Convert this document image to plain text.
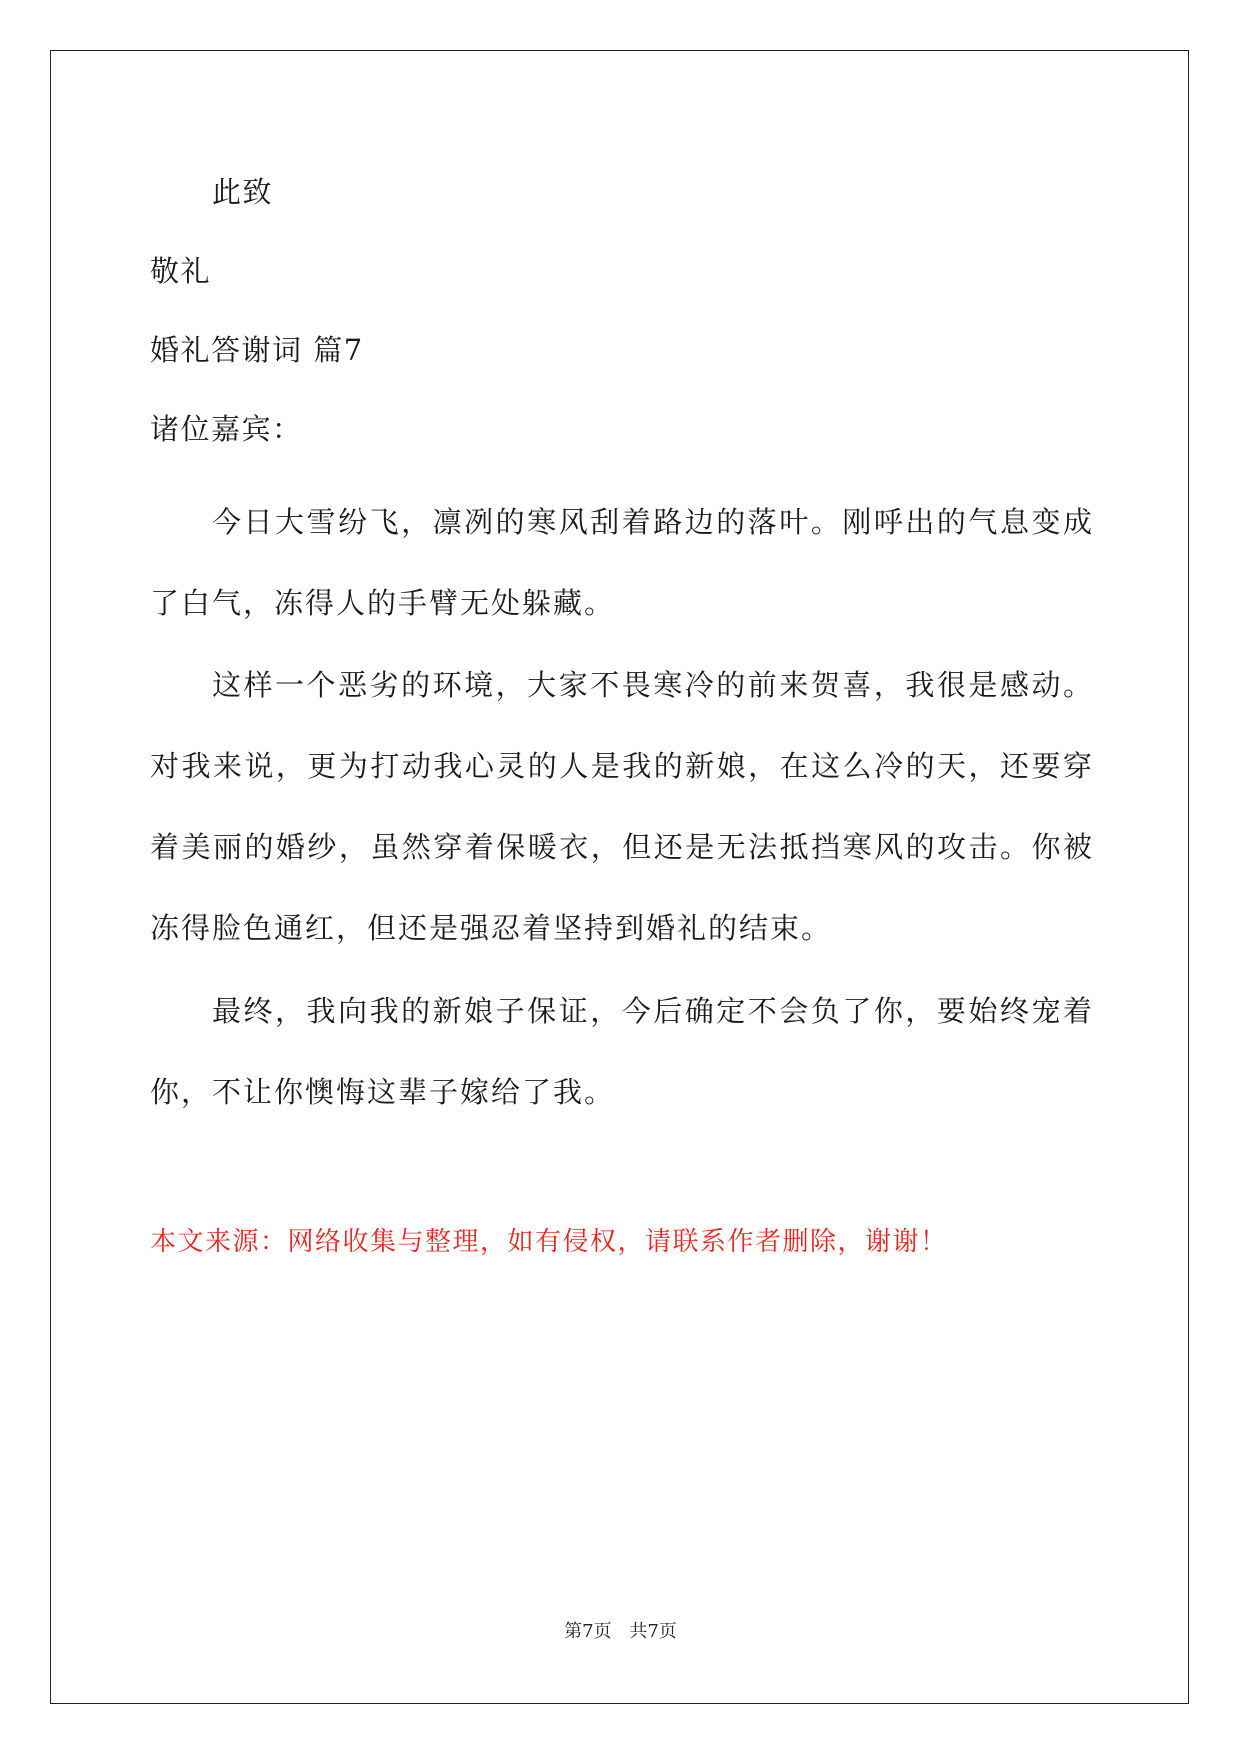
此致
敬礼
婚礼答谢词 篇7
诸位嘉宾：
今日大雪纷飞，凛冽的寒风刮着路边的落叶。刚呼出的气息变成了白气，冻得人的手臂无处躲藏。
这样一个恶劣的环境，大家不畏寒冷的前来贺喜，我很是感动。对我来说，更为打动我心灵的人是我的新娘，在这么冷的天，还要穿着美丽的婚纱，虽然穿着保暖衣，但还是无法抵挡寒风的攻击。你被冻得脸色通红，但还是强忍着坚持到婚礼的结束。
最终，我向我的新娘子保证，今后确定不会负了你，要始终宠着你，不让你懊悔这辈子嫁给了我。
本文来源：网络收集与整理，如有侵权，请联系作者删除，谢谢！
第7页 共7页
